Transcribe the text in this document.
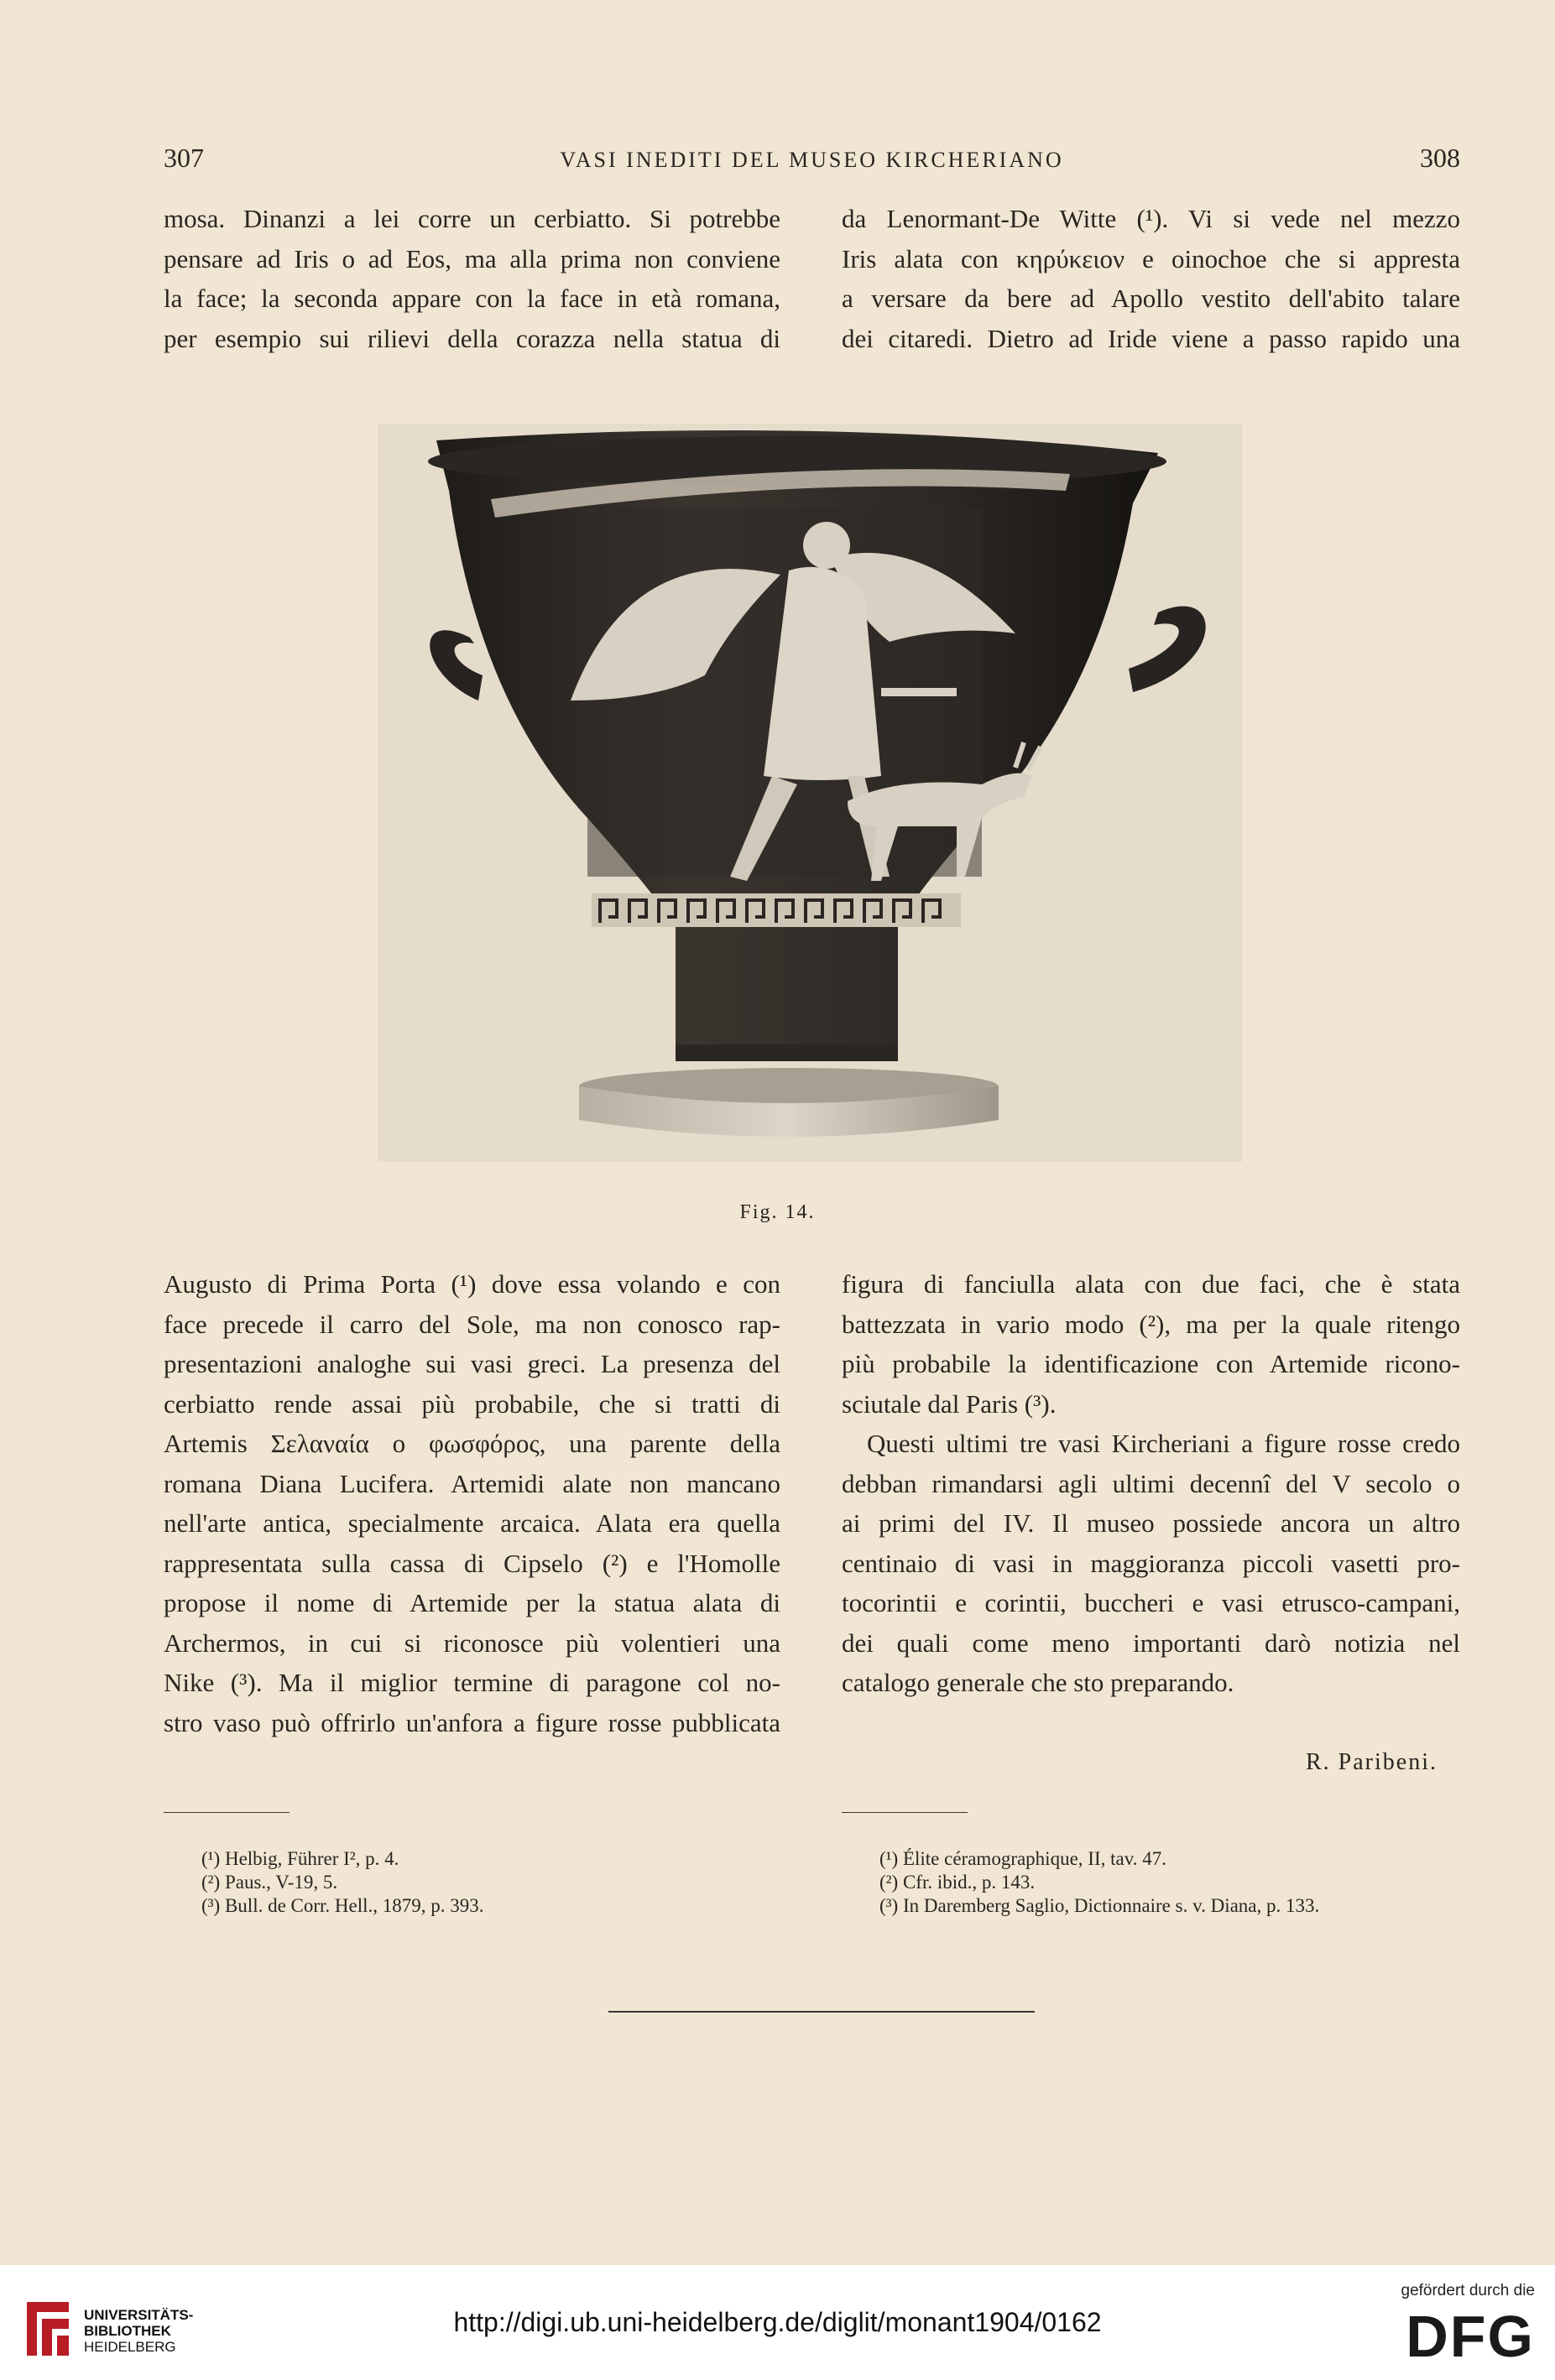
307	VASI INEDITI DEL MUSEO KIRCHERIANO	308
mosa. Dinanzi a lei corre un cerbiatto. Si potrebbe
pensare ad Iris o ad Eos, ma alla prima non conviene
la face; la seconda appare con la face in età romana,
per esempio sui rilievi della corazza nella statua di
da Lenormant-De Witte (¹). Vi si vede nel mezzo
Iris alata con κηρύκειον e oinochoe che si appresta
a versare da bere ad Apollo vestito dell'abito talare
dei citaredi. Dietro ad Iride viene a passo rapido una
Fig. 14.
Augusto di Prima Porta (¹) dove essa volando e con
face precede il carro del Sole, ma non conosco rap-
presentazioni analoghe sui vasi greci. La presenza del
cerbiatto rende assai più probabile, che si tratti di
Artemis Σελαναία o φωσφόρος, una parente della
romana Diana Lucifera. Artemidi alate non mancano
nell'arte antica, specialmente arcaica. Alata era quella
rappresentata sulla cassa di Cipselo (²) e l'Homolle
propose il nome di Artemide per la statua alata di
Archermos, in cui si riconosce più volentieri una
Nike (³). Ma il miglior termine di paragone col no-
stro vaso può offrirlo un'anfora a figure rosse pubblicata
figura di fanciulla alata con due faci, che è stata
battezzata in vario modo (²), ma per la quale ritengo
più probabile la identificazione con Artemide ricono-
sciutale dal Paris (³).
Questi ultimi tre vasi Kircheriani a figure rosse credo
debban rimandarsi agli ultimi decennî del V secolo o
ai primi del IV. Il museo possiede ancora un altro
centinaio di vasi in maggioranza piccoli vasetti pro-
tocorintii e corintii, buccheri e vasi etrusco-campani,
dei quali come meno importanti darò notizia nel
catalogo generale che sto preparando.
R. Paribeni.
(¹) Helbig, Führer I², p. 4.
(²) Paus., V-19, 5.
(³) Bull. de Corr. Hell., 1879, p. 393.
(¹) Élite céramographique, II, tav. 47.
(²) Cfr. ibid., p. 143.
(³) In Daremberg Saglio, Dictionnaire s. v. Diana, p. 133.
UNIVERSITÄTS-
BIBLIOTHEK
HEIDELBERG
http://digi.ub.uni-heidelberg.de/diglit/monant1904/0162
gefördert durch die
DFG
